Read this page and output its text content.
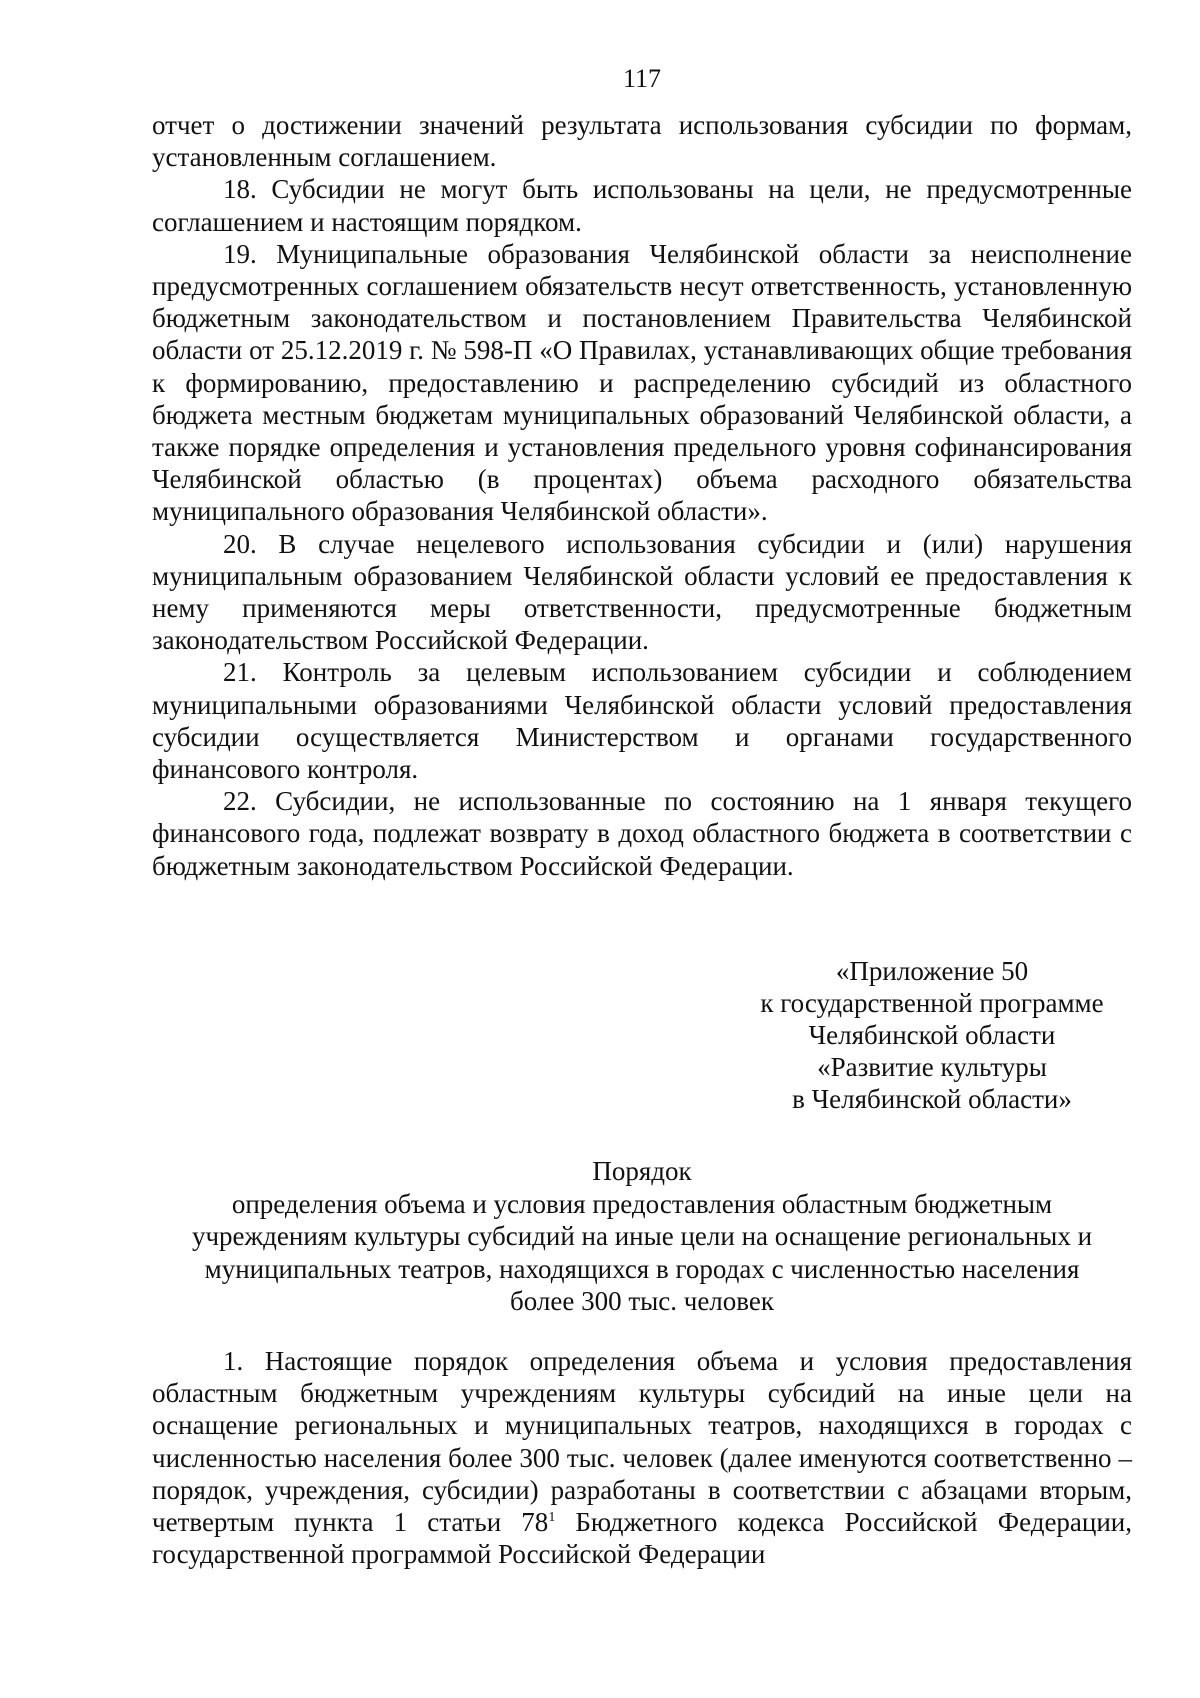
117

отчет о достижении значений результата использования субсидии по формам, установленным соглашением.

18. Субсидии не могут быть использованы на цели, не предусмотренные соглашением и настоящим порядком.

19. Муниципальные образования Челябинской области за неисполнение предусмотренных соглашением обязательств несут ответственность, установленную бюджетным законодательством и постановлением Правительства Челябинской области от 25.12.2019 г. № 598-П «О Правилах, устанавливающих общие требования к формированию, предоставлению и распределению субсидий из областного бюджета местным бюджетам муниципальных образований Челябинской области, а также порядке определения и установления предельного уровня софинансирования Челябинской областью (в процентах) объема расходного обязательства муниципального образования Челябинской области».

20. В случае нецелевого использования субсидии и (или) нарушения муниципальным образованием Челябинской области условий ее предоставления к нему применяются меры ответственности, предусмотренные бюджетным законодательством Российской Федерации.

21. Контроль за целевым использованием субсидии и соблюдением муниципальными образованиями Челябинской области условий предоставления субсидии осуществляется Министерством и органами государственного финансового контроля.

22. Субсидии, не использованные по состоянию на 1 января текущего финансового года, подлежат возврату в доход областного бюджета в соответствии с бюджетным законодательством Российской Федерации.

«Приложение 50
к государственной программе
Челябинской области
«Развитие культуры
в Челябинской области»
Порядок
определения объема и условия предоставления областным бюджетным
учреждениям культуры субсидий на иные цели на оснащение региональных и
муниципальных театров, находящихся в городах с численностью населения
более 300 тыс. человек

1. Настоящие порядок определения объема и условия предоставления областным бюджетным учреждениям культуры субсидий на иные цели на оснащение региональных и муниципальных театров, находящихся в городах с численностью населения более 300 тыс. человек (далее именуются соответственно – порядок, учреждения, субсидии) разработаны в соответствии с абзацами вторым, четвертым пункта 1 статьи $78^1$ Бюджетного кодекса Российской Федерации, государственной программой Российской Федерации
